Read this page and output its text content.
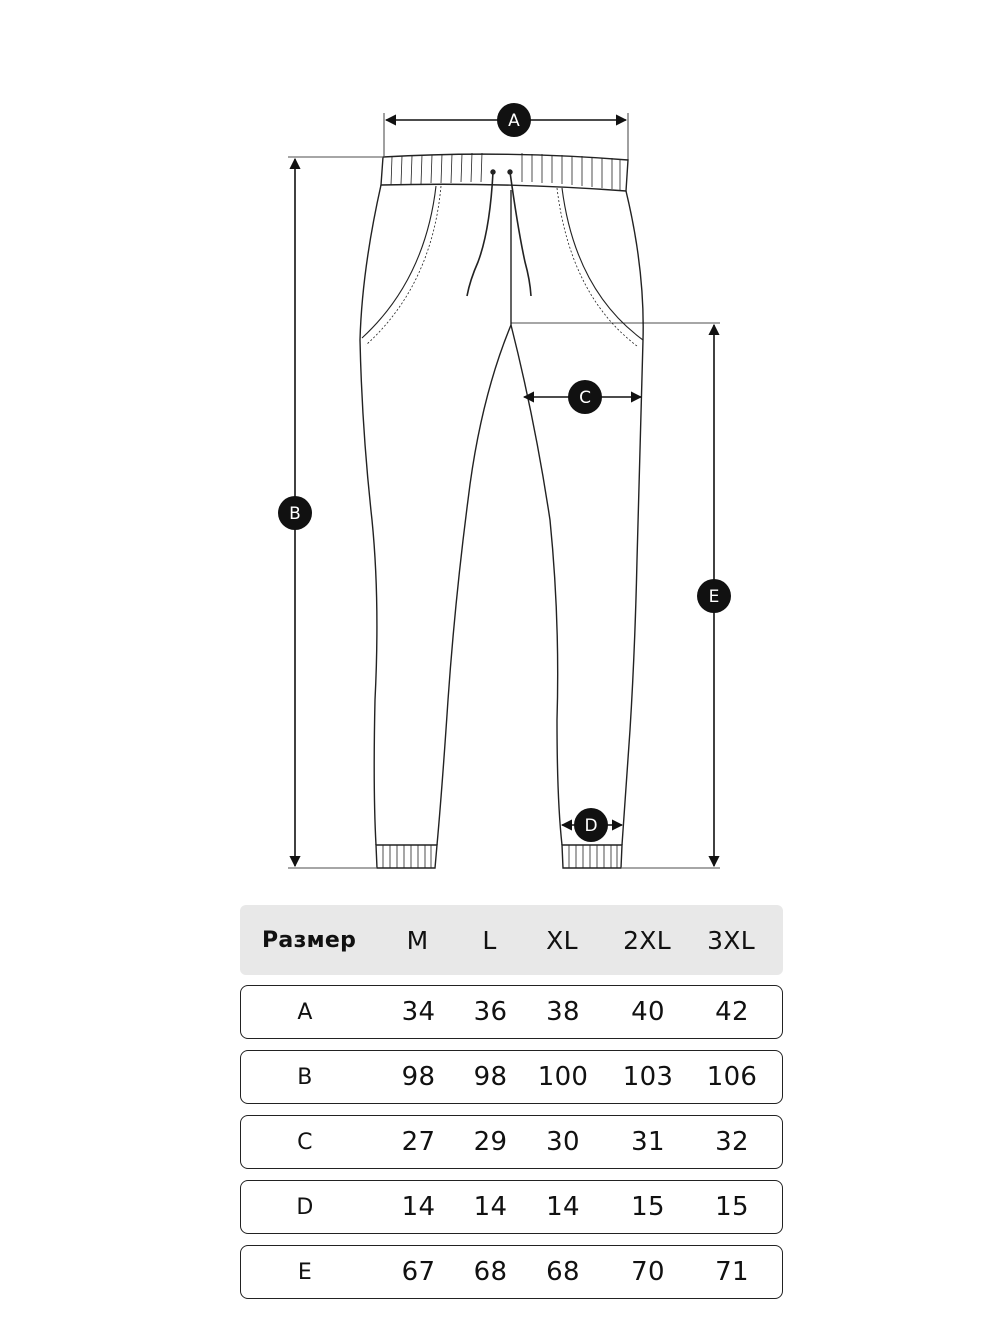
A
B
C
D
E
Размер	M	L	XL	2XL	3XL
A	34	36	38	40	42
B	98	98	100	103	106
C	27	29	30	31	32
D	14	14	14	15	15
E	67	68	68	70	71
